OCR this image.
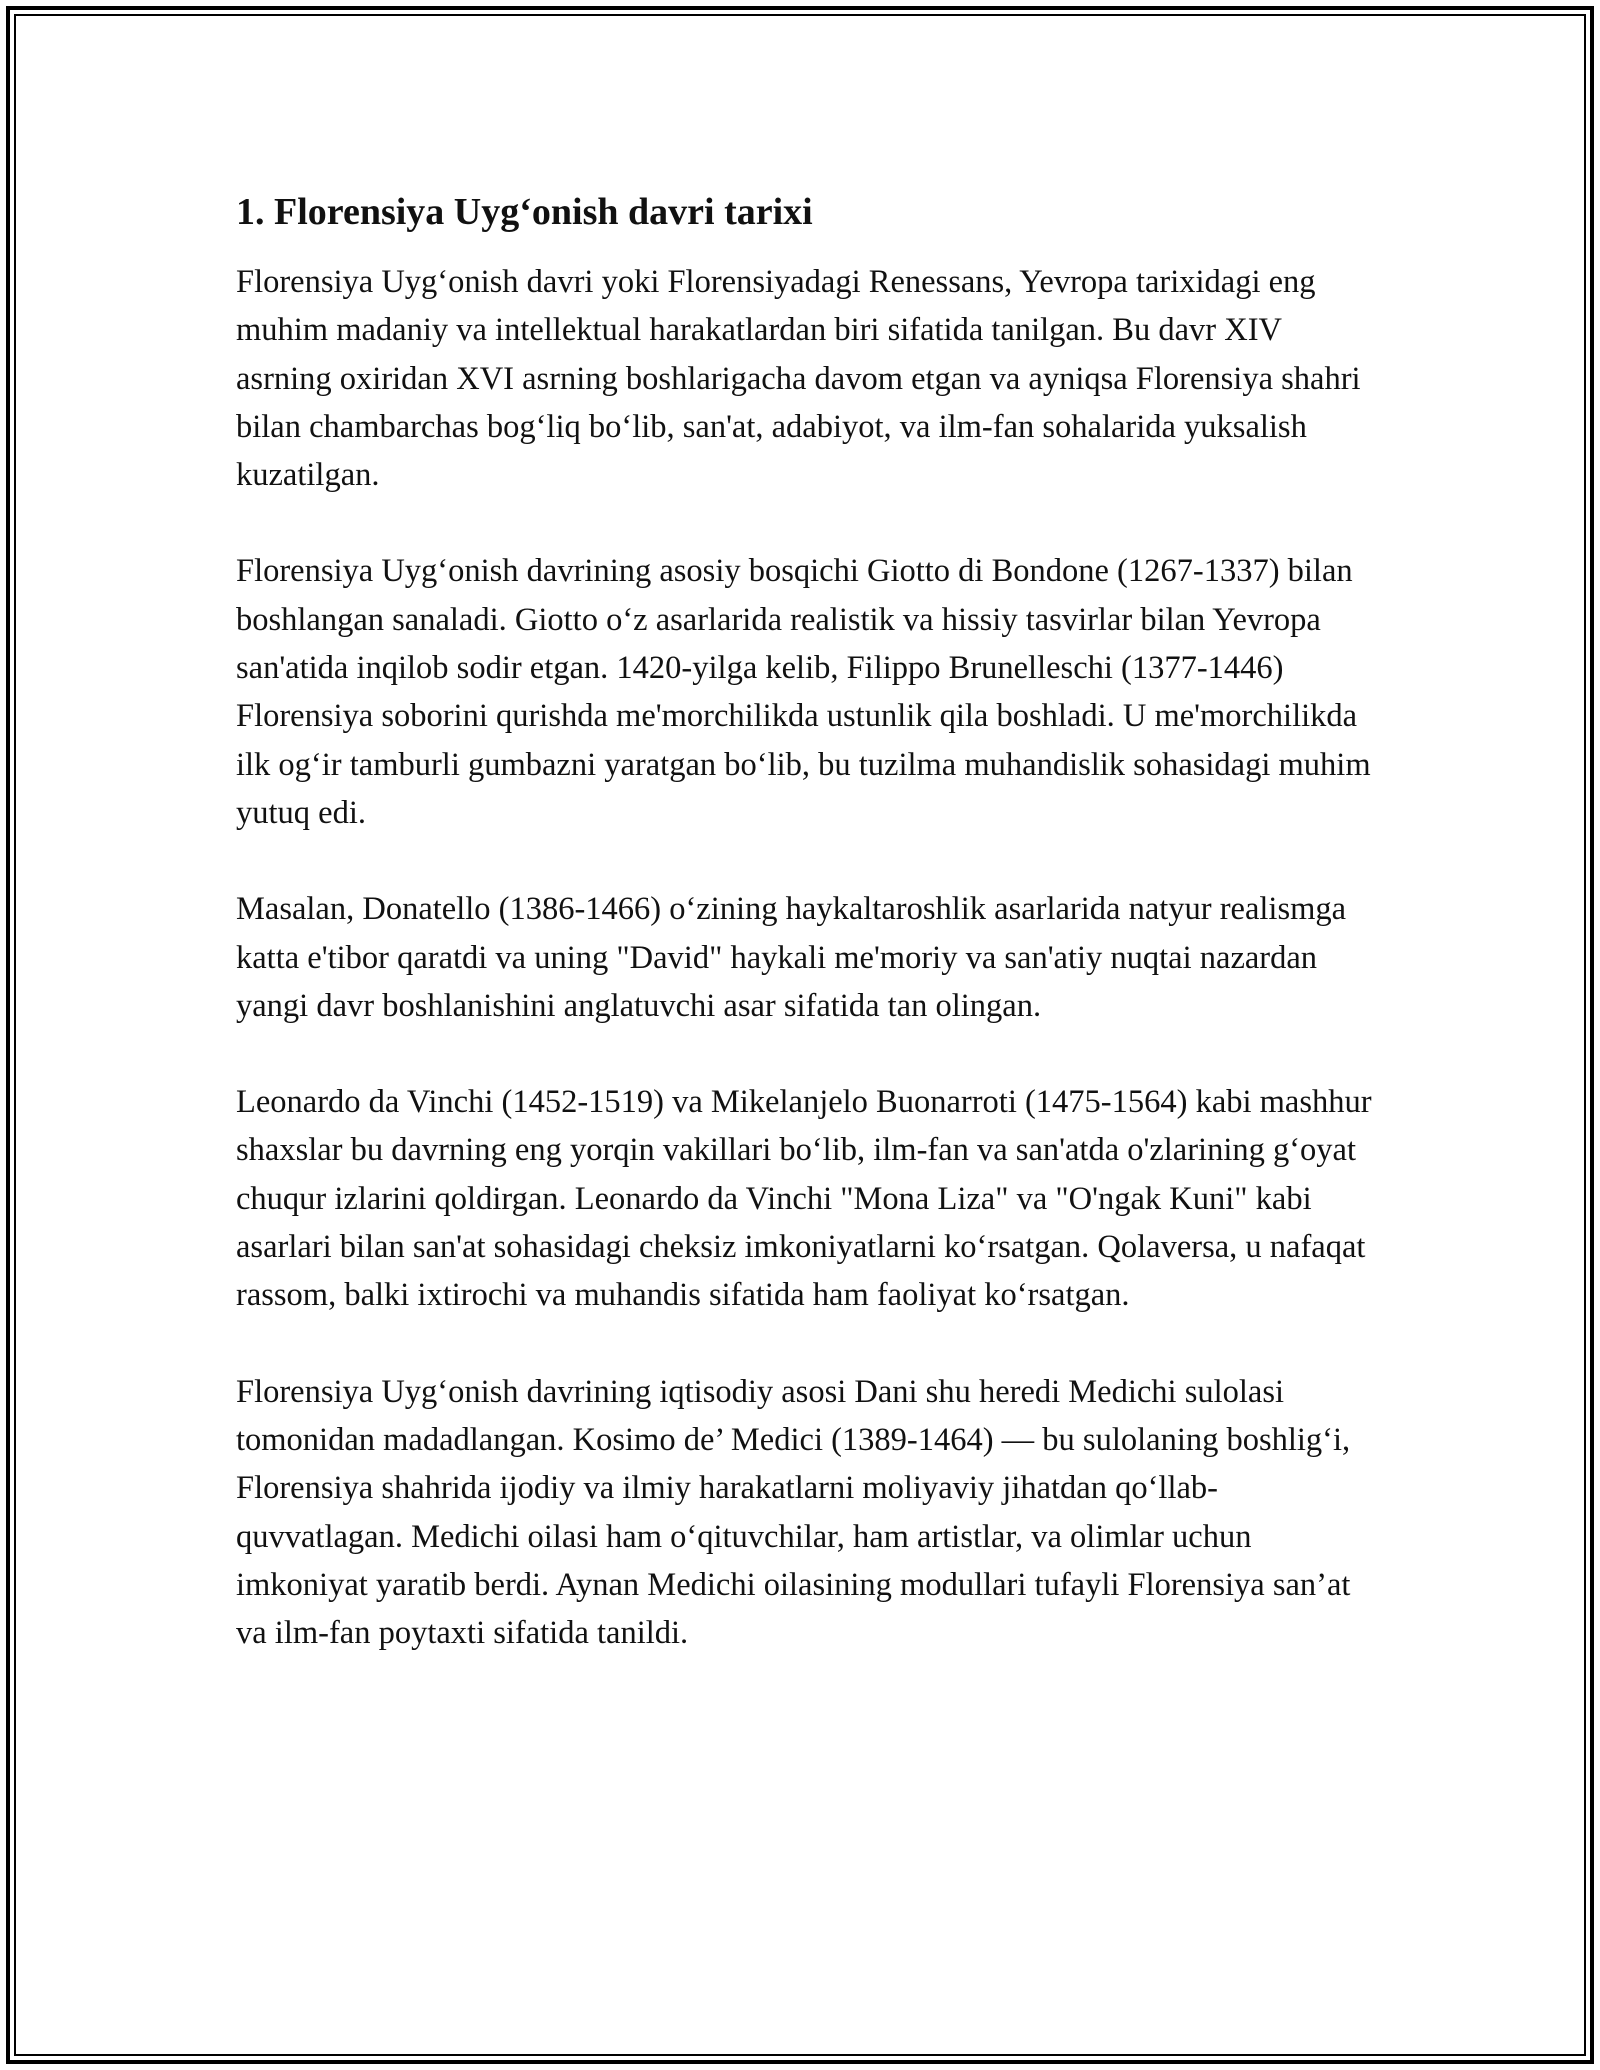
1. Florensiya Uyg‘onish davri tarixi

Florensiya Uyg‘onish davri yoki Florensiyadagi Renessans, Yevropa tarixidagi eng muhim madaniy va intellektual harakatlardan biri sifatida tanilgan. Bu davr XIV asrning oxiridan XVI asrning boshlarigacha davom etgan va ayniqsa Florensiya shahri bilan chambarchas bog‘liq bo‘lib, san'at, adabiyot, va ilm-fan sohalarida yuksalish kuzatilgan.

Florensiya Uyg‘onish davrining asosiy bosqichi Giotto di Bondone (1267-1337) bilan boshlangan sanaladi. Giotto o‘z asarlarida realistik va hissiy tasvirlar bilan Yevropa san'atida inqilob sodir etgan. 1420-yilga kelib, Filippo Brunelleschi (1377-1446) Florensiya soborini qurishda me'morchilikda ustunlik qila boshladi. U me'morchilikda ilk og‘ir tamburli gumbazni yaratgan bo‘lib, bu tuzilma muhandislik sohasidagi muhim yutuq edi.

Masalan, Donatello (1386-1466) o‘zining haykaltaroshlik asarlarida natyur realismga katta e'tibor qaratdi va uning "David" haykali me'moriy va san'atiy nuqtai nazardan yangi davr boshlanishini anglatuvchi asar sifatida tan olingan.

Leonardo da Vinchi (1452-1519) va Mikelanjelo Buonarroti (1475-1564) kabi mashhur shaxslar bu davrning eng yorqin vakillari bo‘lib, ilm-fan va san'atda o'zlarining g‘oyat chuqur izlarini qoldirgan. Leonardo da Vinchi "Mona Liza" va "O'ngak Kuni" kabi asarlari bilan san'at sohasidagi cheksiz imkoniyatlarni ko‘rsatgan. Qolaversa, u nafaqat rassom, balki ixtirochi va muhandis sifatida ham faoliyat ko‘rsatgan.

Florensiya Uyg‘onish davrining iqtisodiy asosi Dani shu heredi Medichi sulolasi tomonidan madadlangan. Kosimo de’ Medici (1389-1464) — bu sulolaning boshlig‘i, Florensiya shahrida ijodiy va ilmiy harakatlarni moliyaviy jihatdan qo‘llab-quvvatlagan. Medichi oilasi ham o‘qituvchilar, ham artistlar, va olimlar uchun imkoniyat yaratib berdi. Aynan Medichi oilasining modullari tufayli Florensiya san’at va ilm-fan poytaxti sifatida tanildi.
